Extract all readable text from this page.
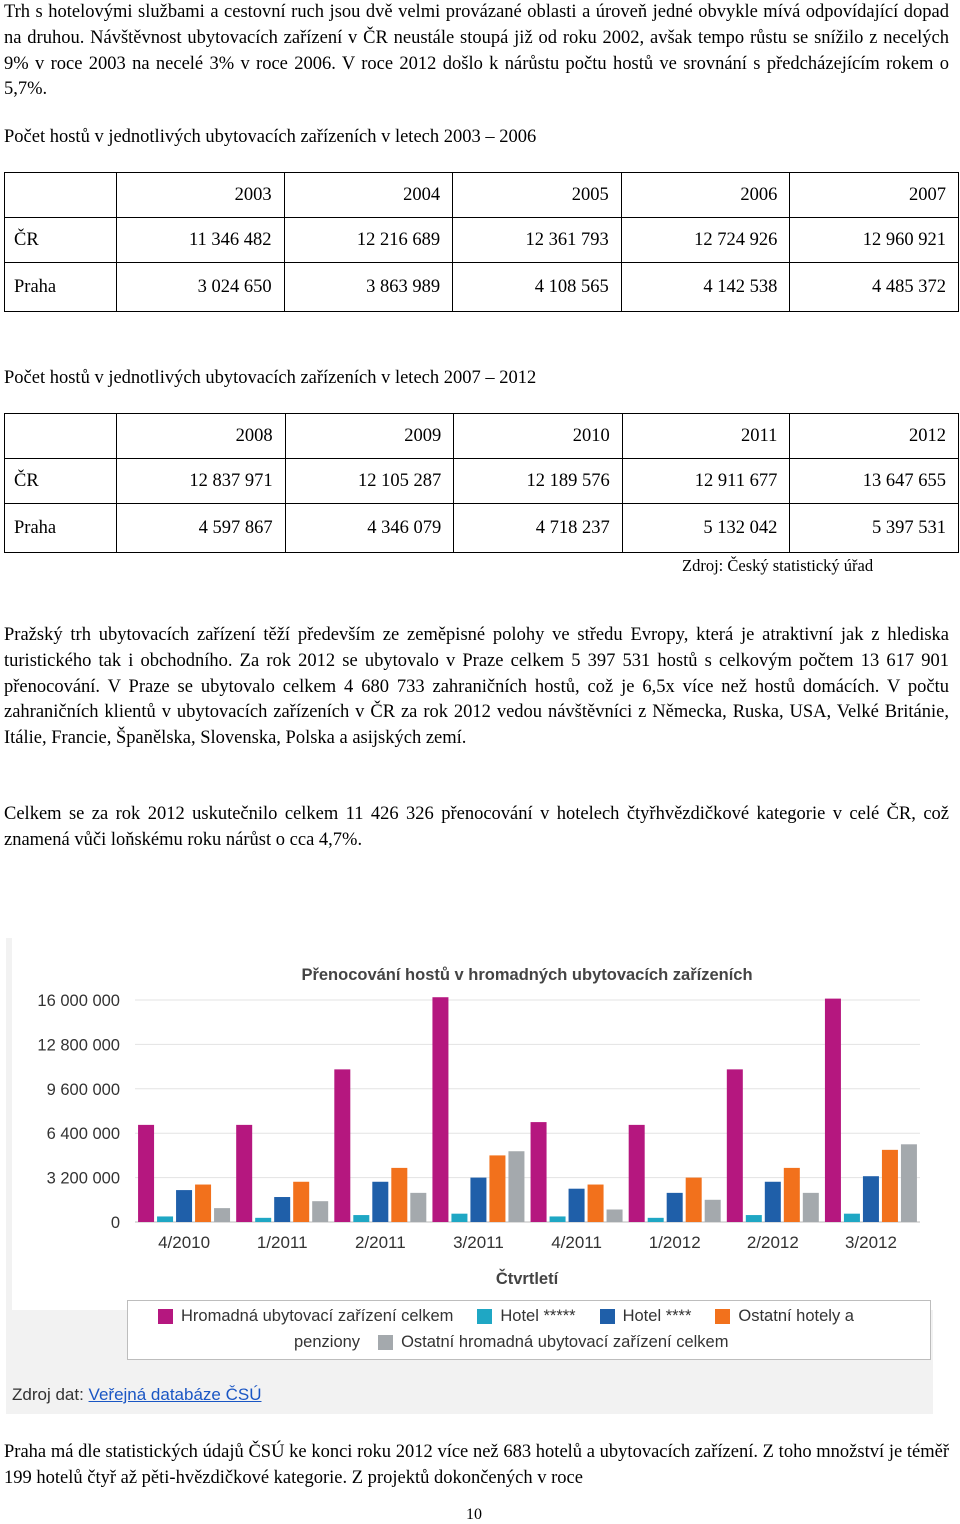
Trh s hotelovými službami a cestovní ruch jsou dvě velmi provázané oblasti a úroveň jedné obvykle mívá odpovídající dopad na druhou. Návštěvnost ubytovacích zařízení v ČR neustále stoupá již od roku 2002, avšak tempo růstu se snížilo z necelých 9% v roce 2003 na necelé 3% v roce 2006. V roce 2012 došlo k nárůstu počtu hostů ve srovnání s předcházejícím rokem o 5,7%.

Počet hostů v jednotlivých ubytovacích zařízeních v letech 2003 – 2006

	2003	2004	2005	2006	2007
ČR	11 346 482	12 216 689	12 361 793	12 724 926	12 960 921
Praha	3 024 650	3 863 989	4 108 565	4 142 538	4 485 372

Počet hostů v jednotlivých ubytovacích zařízeních v letech 2007 – 2012

	2008	2009	2010	2011	2012
ČR	12 837 971	12 105 287	12 189 576	12 911 677	13 647 655
Praha	4 597 867	4 346 079	4 718 237	5 132 042	5 397 531
Zdroj: Český statistický úřad

Pražský trh ubytovacích zařízení těží především ze zeměpisné polohy ve středu Evropy, která je atraktivní jak z hlediska turistického tak i obchodního. Za rok 2012 se ubytovalo v Praze celkem 5 397 531 hostů s celkovým počtem 13 617 901 přenocování. V Praze se ubytovalo celkem 4 680 733 zahraničních hostů, což je 6,5x více než hostů domácích. V počtu zahraničních klientů v ubytovacích zařízeních v ČR za rok 2012 vedou návštěvníci z Německa, Ruska, USA, Velké Británie, Itálie, Francie, Španělska, Slovenska, Polska a asijských zemí.

Celkem se za rok 2012 uskutečnilo celkem 11 426 326 přenocování v hotelech čtyřhvězdičkové kategorie v celé ČR, což znamená vůči loňskému roku nárůst o cca 4,7%.

Přenocování hostů v hromadných ubytovacích zařízeních
Čtvrtletí
0
3 200 000
6 400 000
9 600 000
12 800 000
16 000 000
4/2010	1/2011	2/2011	3/2011	4/2011	1/2012	2/2012	3/2012
Hromadná ubytovací zařízení celkem	Hotel *****	Hotel ****	Ostatní hotely a
penziony Ostatní hromadná ubytovací zařízení celkem
Zdroj dat: Veřejná databáze ČSÚ

Praha má dle statistických údajů ČSÚ ke konci roku 2012 více než 683 hotelů a ubytovacích zařízení. Z toho množství je téměř 199 hotelů čtyř až pěti-hvězdičkové kategorie. Z projektů dokončených v roce

10
